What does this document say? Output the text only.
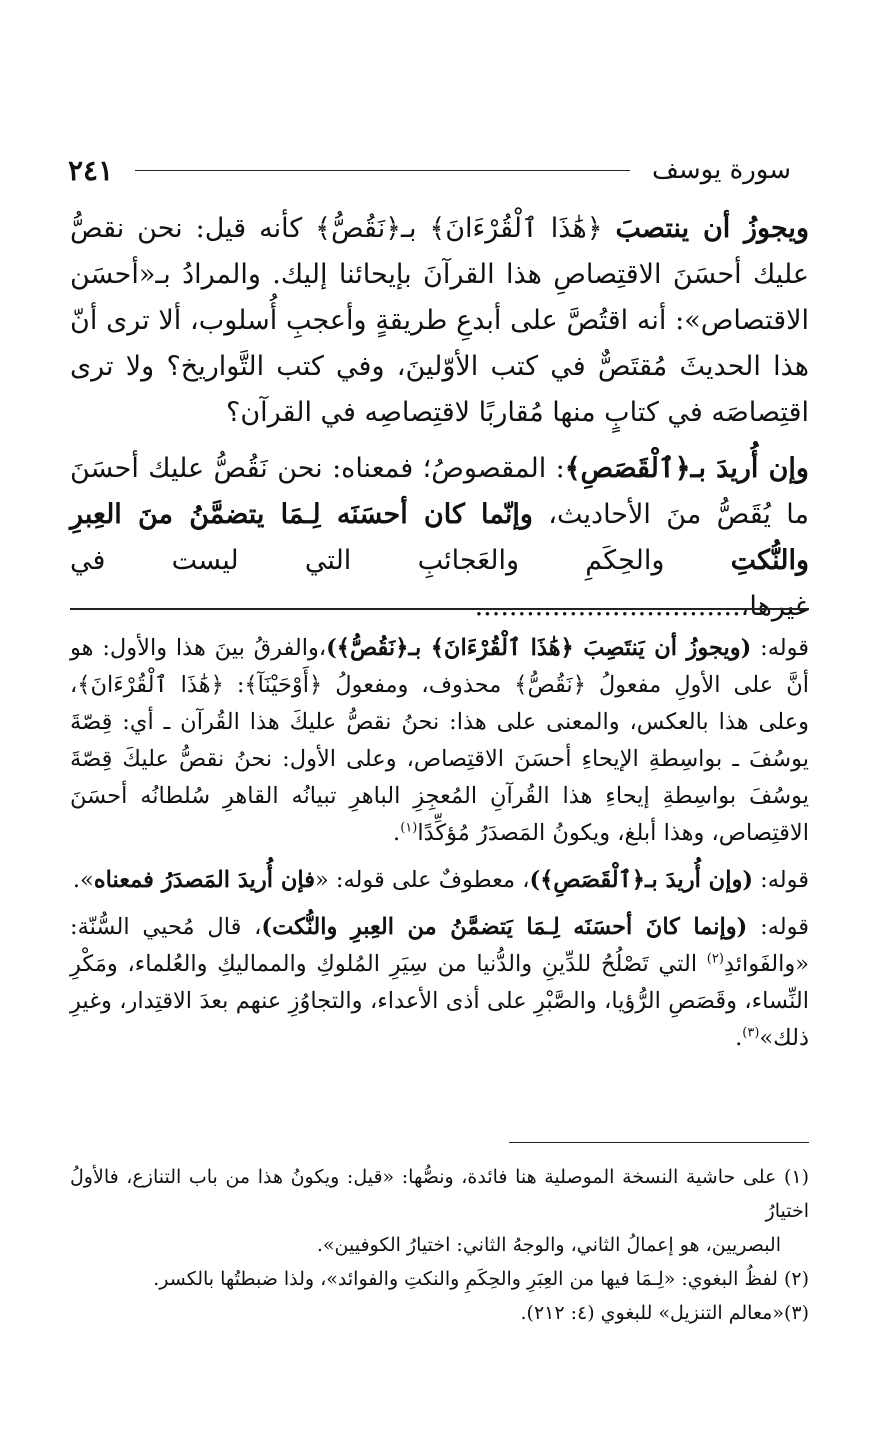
سورة يوسف
٢٤١

ويجوزُ أن ينتصبَ ﴿هَٰذَا ٱلْقُرْءَانَ﴾ بـ﴿نَقُصُّ﴾ كأنه قيل: نحن نقصُّ عليك أحسَنَ الاقتِصاصِ هذا القرآنَ بإيحائنا إليك. والمرادُ بـ«أحسَن الاقتصاص»: أنه اقتُصَّ على أبدعِ طريقةٍ وأعجبِ أُسلوب، ألا ترى أنّ هذا الحديثَ مُقتَصٌّ في كتب الأوّلينَ، وفي كتب التَّواريخ؟ ولا ترى اقتِصاصَه في كتابٍ منها مُقاربًا لاقتِصاصِه في القرآن؟

وإن أُريدَ بـ﴿ٱلْقَصَصِ﴾: المقصوصُ؛ فمعناه: نحن نَقُصُّ عليك أحسَنَ ما يُقَصُّ منَ الأحاديث، وإنّما كان أحسَنَه لِـمَا يتضمَّنُ منَ العِبرِ والنُّكتِ والحِكَمِ والعَجائبِ التي ليست في غيرها،...............................

قوله: (ويجوزُ أن يَنتَصِبَ ﴿هَٰذَا ٱلْقُرْءَانَ﴾ بـ﴿نَقُصُّ﴾)،والفرقُ بينَ هذا والأول: هو أنَّ على الأولِ مفعولُ ﴿نَقُصُّ﴾ محذوف، ومفعولُ ﴿أَوْحَيْنَآ﴾: ﴿هَٰذَا ٱلْقُرْءَانَ﴾، وعلى هذا بالعكس، والمعنى على هذا: نحنُ نقصُّ عليكَ هذا القُرآن ـ أي: قِصّةَ يوسُفَ ـ بواسِطةِ الإيحاءِ أحسَنَ الاقتِصاص، وعلى الأول: نحنُ نقصُّ عليكَ قِصّةَ يوسُفَ بواسِطةِ إيحاءِ هذا القُرآنِ المُعجِزِ الباهرِ تبيانُه القاهرِ سُلطانُه أحسَنَ الاقتِصاص، وهذا أبلغ، ويكونُ المَصدَرُ مُؤكِّدًا$^{(١)}$.

قوله: (وإن أُريدَ بـ﴿ٱلْقَصَصِ﴾)، معطوفٌ على قوله: «فإن أُريدَ المَصدَرُ فمعناه».

قوله: (وإنما كانَ أحسَنَه لِـمَا يَتضمَّنُ من العِبرِ والنُّكت)، قال مُحيي السُّنّة: «والفَوائدِ$^{(٢)}$ التي تَصْلُحُ للدِّينِ والدُّنيا من سِيَرِ المُلوكِ والمماليكِ والعُلماء، ومَكْرِ النِّساء، وقَصَصِ الرُّؤيا، والصَّبْرِ على أذى الأعداء، والتجاوُزِ عنهم بعدَ الاقتِدار، وغيرِ ذلك»$^{(٣)}$.

(١) على حاشية النسخة الموصلية هنا فائدة، ونصُّها: «قيل: ويكونُ هذا من باب التنازع، فالأولُ اختيارُ

البصريين، هو إعمالُ الثاني، والوجهُ الثاني: اختيارُ الكوفيين».

(٢) لفظُ البغوي: «لِـمَا فيها من العِبَرِ والحِكَمِ والنكتِ والفوائد»، ولذا ضبطتُها بالكسر.

(٣)«معالم التنزيل» للبغوي (٤: ٢١٢).
